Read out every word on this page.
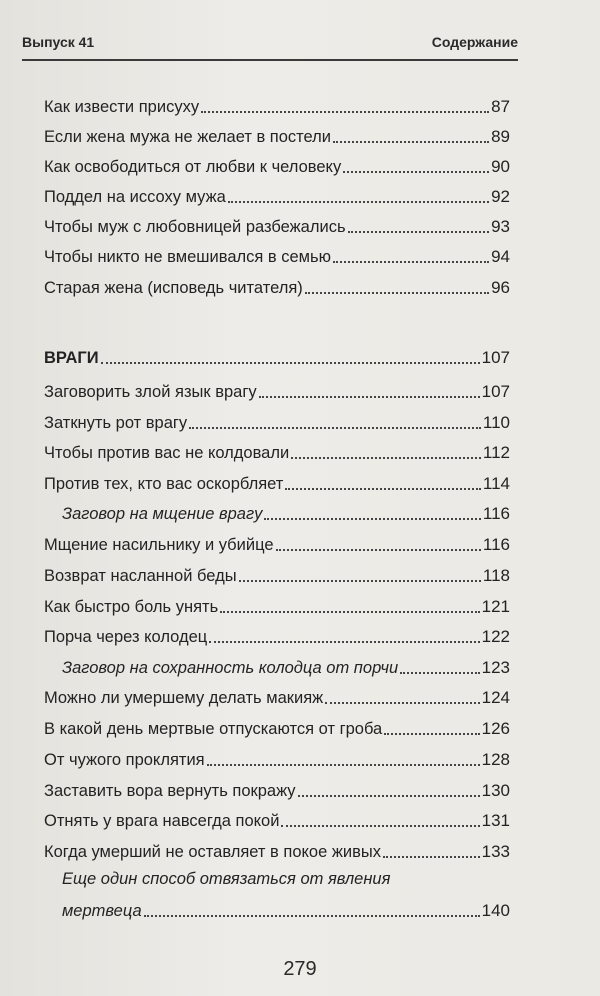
Выпуск 41	Содержание
Как извести присуху	87
Если жена мужа не желает в постели	89
Как освободиться от любви к человеку	90
Поддел на иссоху мужа	92
Чтобы муж с любовницей разбежались	93
Чтобы никто не вмешивался в семью	94
Старая жена (исповедь читателя)	96
ВРАГИ	107
Заговорить злой язык врагу	107
Заткнуть рот врагу	110
Чтобы против вас не колдовали	112
Против тех, кто вас оскорбляет	114
Заговор на мщение врагу	116
Мщение насильнику и убийце	116
Возврат насланной беды	118
Как быстро боль унять	121
Порча через колодец	122
Заговор на сохранность колодца от порчи	123
Можно ли умершему делать макияж	124
В какой день мертвые отпускаются от гроба	126
От чужого проклятия	128
Заставить вора вернуть покражу	130
Отнять у врага навсегда покой	131
Когда умерший не оставляет в покое живых	133
Еще один способ отвязаться от явления
мертвеца	140
279
